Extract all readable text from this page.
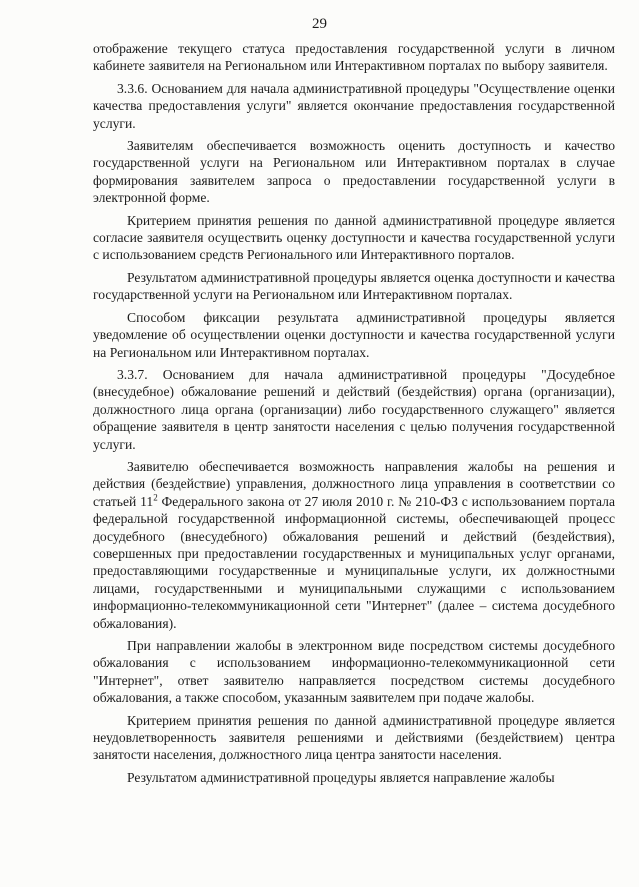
29

отображение текущего статуса предоставления государственной услуги в личном кабинете заявителя на Региональном или Интерактивном порталах по выбору заявителя.

3.3.6. Основанием для начала административной процедуры "Осуществление оценки качества предоставления услуги" является окончание предоставления государственной услуги.

Заявителям обеспечивается возможность оценить доступность и качество государственной услуги на Региональном или Интерактивном порталах в случае формирования заявителем запроса о предоставлении государственной услуги в электронной форме.

Критерием принятия решения по данной административной процедуре является согласие заявителя осуществить оценку доступности и качества государственной услуги с использованием средств Регионального или Интерактивного порталов.

Результатом административной процедуры является оценка доступности и качества государственной услуги на Региональном или Интерактивном порталах.

Способом фиксации результата административной процедуры является уведомление об осуществлении оценки доступности и качества государственной услуги на Региональном или Интерактивном порталах.

3.3.7. Основанием для начала административной процедуры "Досудебное (внесудебное) обжалование решений и действий (бездействия) органа (организации), должностного лица органа (организации) либо государственного служащего" является обращение заявителя в центр занятости населения с целью получения государственной услуги.

Заявителю обеспечивается возможность направления жалобы на решения и действия (бездействие) управления, должностного лица управления в соответствии со статьей $11^2$ Федерального закона от 27 июля 2010 г. № 210-ФЗ с использованием портала федеральной государственной информационной системы, обеспечивающей процесс досудебного (внесудебного) обжалования решений и действий (бездействия), совершенных при предоставлении государственных и муниципальных услуг органами, предоставляющими государственные и муниципальные услуги, их должностными лицами, государственными и муниципальными служащими с использованием информационно-телекоммуникационной сети "Интернет" (далее – система досудебного обжалования).

При направлении жалобы в электронном виде посредством системы досудебного обжалования с использованием информационно-телекоммуникационной сети "Интернет", ответ заявителю направляется посредством системы досудебного обжалования, а также способом, указанным заявителем при подаче жалобы.

Критерием принятия решения по данной административной процедуре является неудовлетворенность заявителя решениями и действиями (бездействием) центра занятости населения, должностного лица центра занятости населения.

Результатом административной процедуры является направление жалобы
